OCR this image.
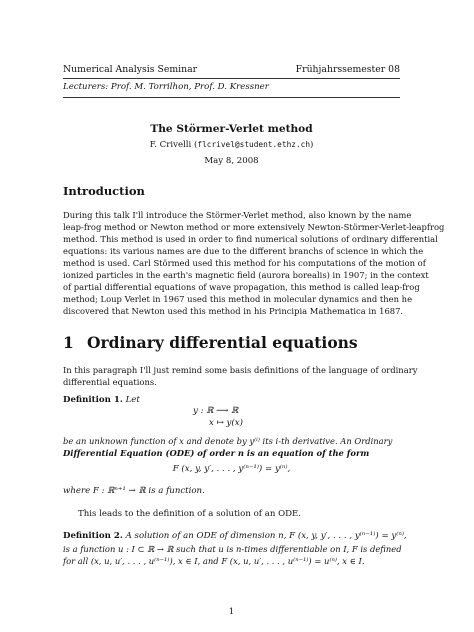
Numerical Analysis Seminar	Frühjahrssemester 08
Lecturers: Prof. M. Torrilhon, Prof. D. Kressner
The Störmer-Verlet method
F. Crivelli (flcrivel@student.ethz.ch)
May 8, 2008
Introduction
During this talk I'll introduce the Störmer-Verlet method, also known by the name
leap-frog method or Newton method or more extensively Newton-Störmer-Verlet-leapfrog
method. This method is used in order to find numerical solutions of ordinary differential
equations: its various names are due to the different branchs of science in which the
method is used. Carl Störmed used this method for his computations of the motion of
ionized particles in the earth's magnetic field (aurora borealis) in 1907; in the context
of partial differential equations of wave propagation, this method is called leap-frog
method; Loup Verlet in 1967 used this method in molecular dynamics and then he
discovered that Newton used this method in his Principia Mathematica in 1687.
1 Ordinary differential equations
In this paragraph I'll just remind some basis definitions of the language of ordinary
differential equations.
Definition 1. Let
y : ℝ ⟶ ℝ
x ↦ y(x)
be an unknown function of x and denote by y⁽ⁱ⁾ its i-th derivative. An Ordinary
Differential Equation (ODE) of order n is an equation of the form
F (x, y, y′, . . . , y⁽ⁿ⁻¹⁾) = y⁽ⁿ⁾,
where F : ℝⁿ⁺¹ → ℝ is a function.
This leads to the definition of a solution of an ODE.
Definition 2. A solution of an ODE of dimension n, F (x, y, y′, . . . , y⁽ⁿ⁻¹⁾) = y⁽ⁿ⁾,
is a function u : I ⊂ ℝ → ℝ such that u is n-times differentiable on I, F is defined
for all (x, u, u′, . . . , u⁽ⁿ⁻¹⁾), x ∈ I, and F (x, u, u′, . . . , u⁽ⁿ⁻¹⁾) = u⁽ⁿ⁾, x ∈ I.
1
